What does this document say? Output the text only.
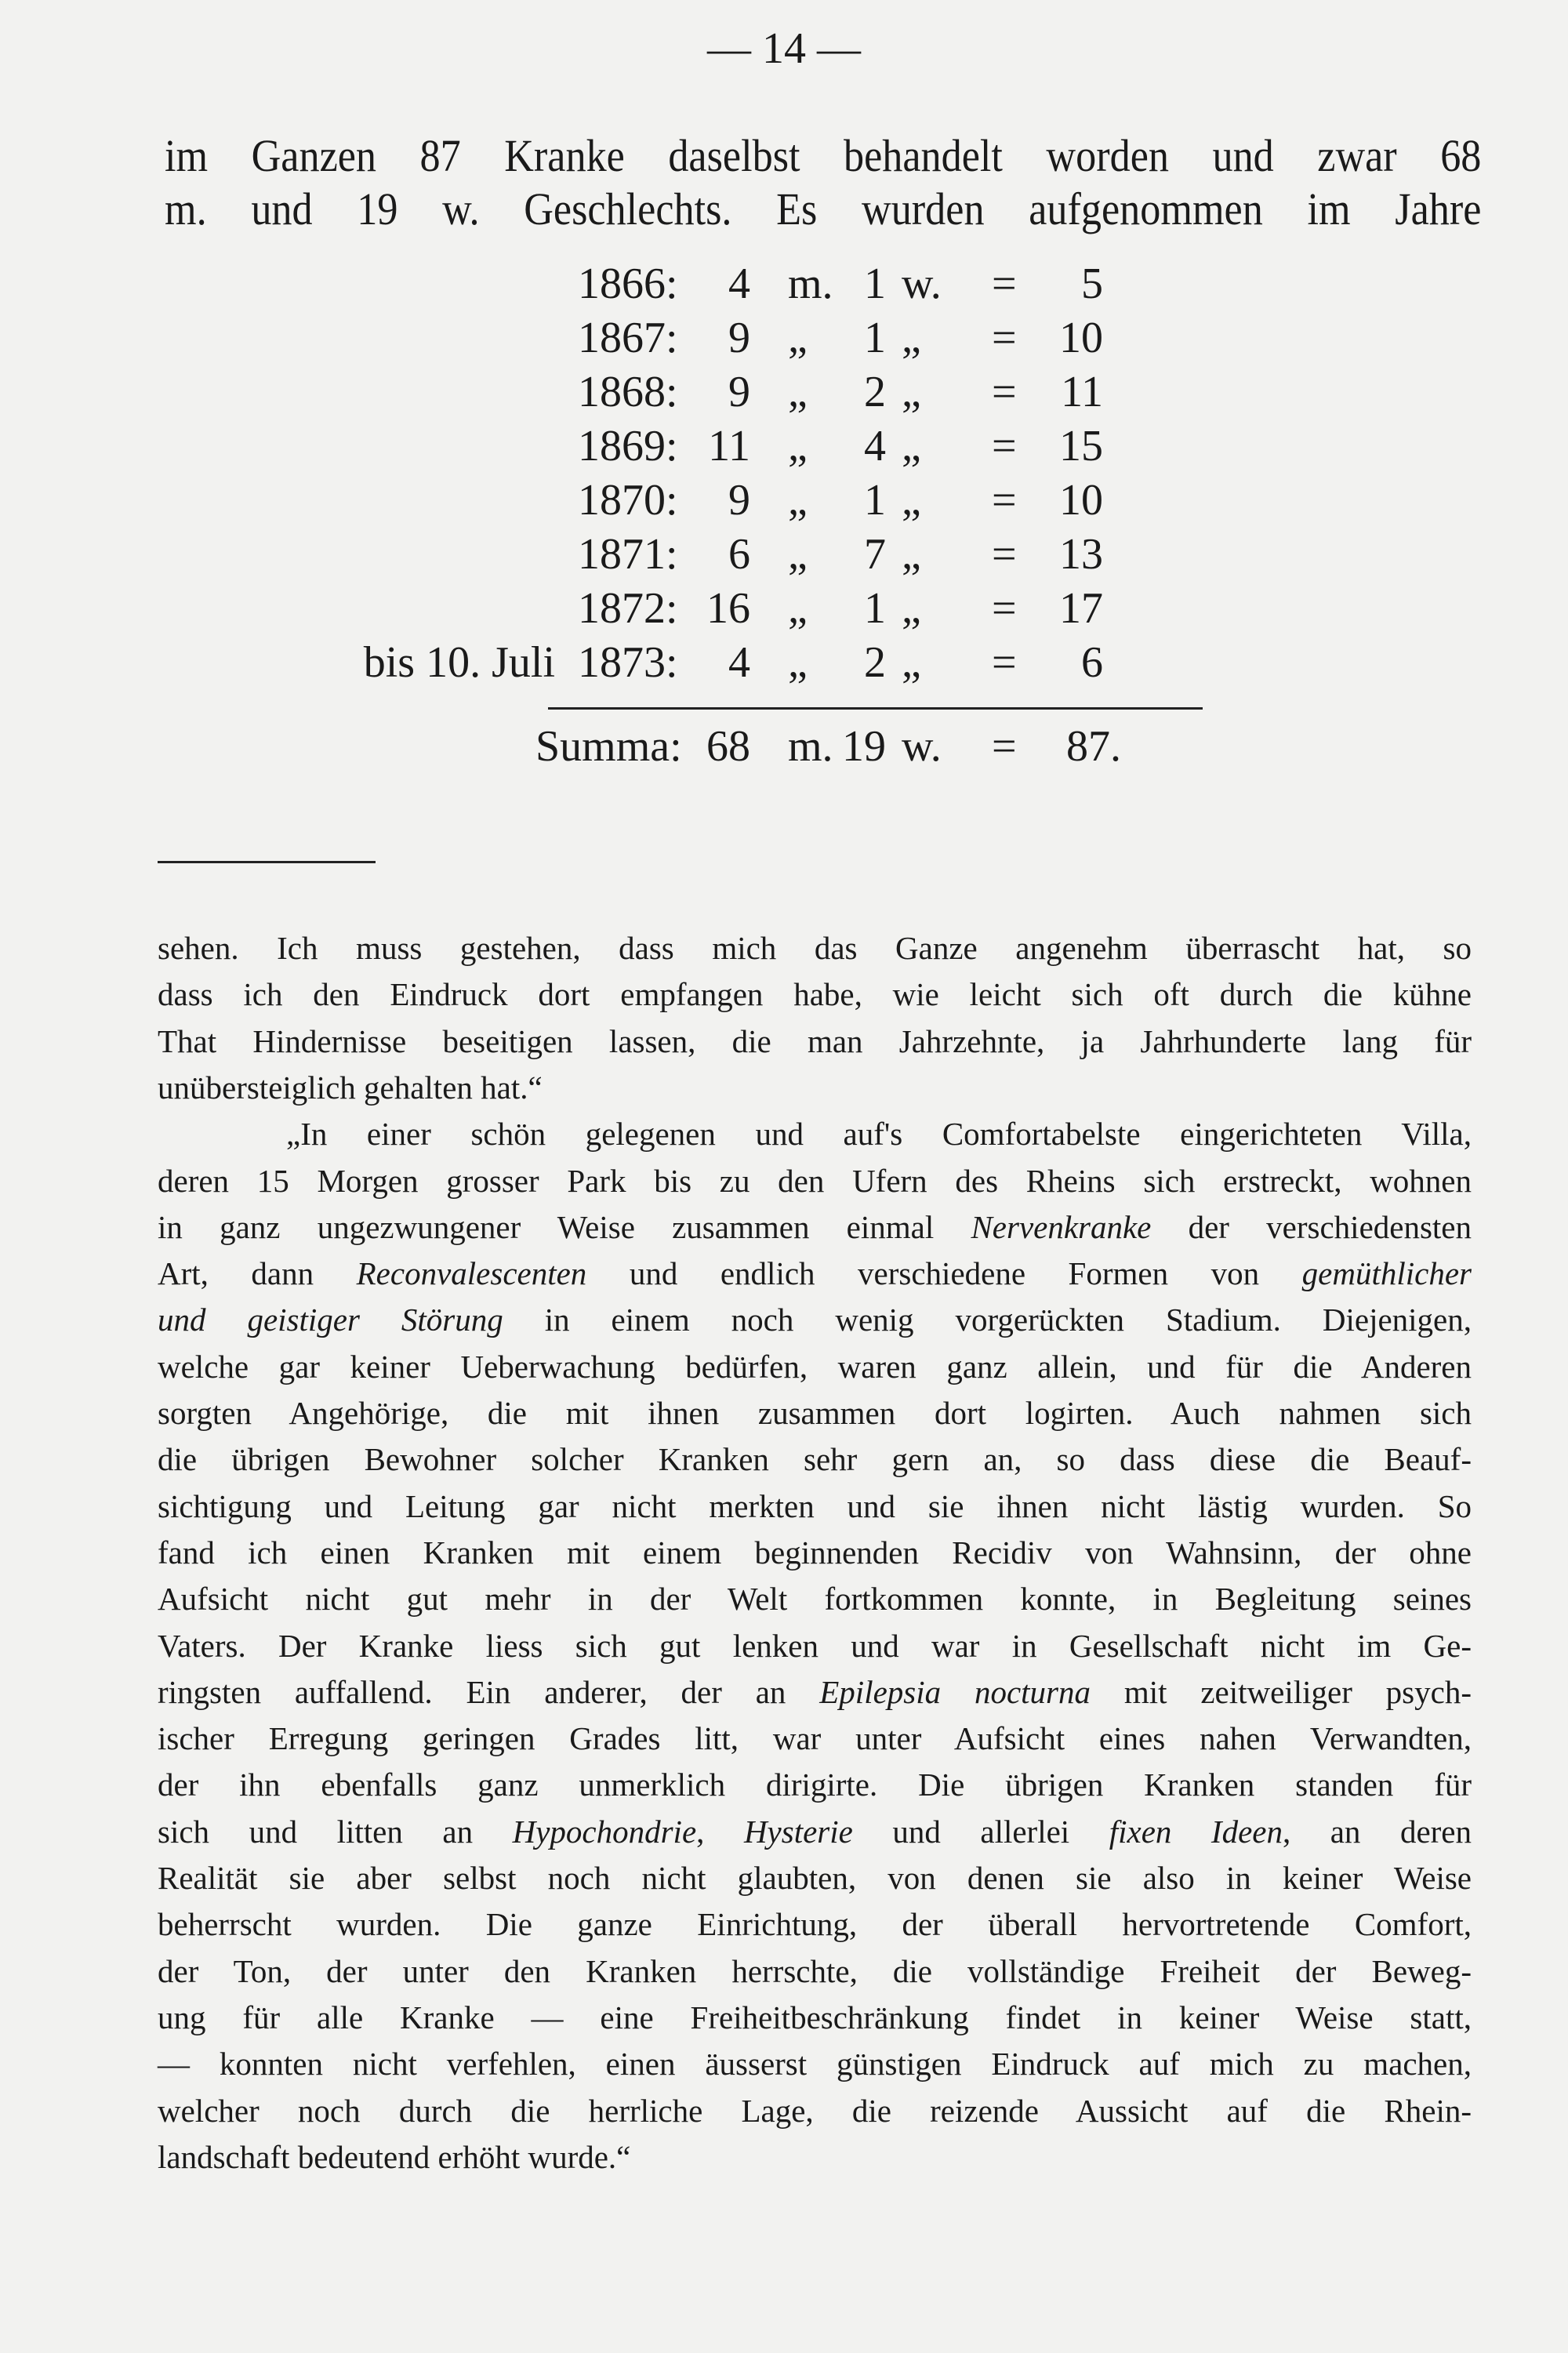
— 14 —
im Ganzen 87 Kranke daselbst behandelt worden und zwar 68
m. und 19 w. Geschlechts. Es wurden aufgenommen im Jahre
1866: 4 m. 1 w. = 5
1867: 9 „ 1 „ = 10
1868: 9 „ 2 „ = 11
1869: 11 „ 4 „ = 15
1870: 9 „ 1 „ = 10
1871: 6 „ 7 „ = 13
1872: 16 „ 1 „ = 17
bis 10. Juli 1873: 4 „ 2 „ = 6
Summa: 68 m. 19 w. = 87.
sehen. Ich muss gestehen, dass mich das Ganze angenehm überrascht hat, so
dass ich den Eindruck dort empfangen habe, wie leicht sich oft durch die kühne
That Hindernisse beseitigen lassen, die man Jahrzehnte, ja Jahrhunderte lang für
unübersteiglich gehalten hat.“
„In einer schön gelegenen und auf's Comfortabelste eingerichteten Villa,
deren 15 Morgen grosser Park bis zu den Ufern des Rheins sich erstreckt, wohnen
in ganz ungezwungener Weise zusammen einmal Nervenkranke der verschiedensten
Art, dann Reconvalescenten und endlich verschiedene Formen von gemüthlicher
und geistiger Störung in einem noch wenig vorgerückten Stadium. Diejenigen,
welche gar keiner Ueberwachung bedürfen, waren ganz allein, und für die Anderen
sorgten Angehörige, die mit ihnen zusammen dort logirten. Auch nahmen sich
die übrigen Bewohner solcher Kranken sehr gern an, so dass diese die Beauf-
sichtigung und Leitung gar nicht merkten und sie ihnen nicht lästig wurden. So
fand ich einen Kranken mit einem beginnenden Recidiv von Wahnsinn, der ohne
Aufsicht nicht gut mehr in der Welt fortkommen konnte, in Begleitung seines
Vaters. Der Kranke liess sich gut lenken und war in Gesellschaft nicht im Ge-
ringsten auffallend. Ein anderer, der an Epilepsia nocturna mit zeitweiliger psych-
ischer Erregung geringen Grades litt, war unter Aufsicht eines nahen Verwandten,
der ihn ebenfalls ganz unmerklich dirigirte. Die übrigen Kranken standen für
sich und litten an Hypochondrie, Hysterie und allerlei fixen Ideen, an deren
Realität sie aber selbst noch nicht glaubten, von denen sie also in keiner Weise
beherrscht wurden. Die ganze Einrichtung, der überall hervortretende Comfort,
der Ton, der unter den Kranken herrschte, die vollständige Freiheit der Beweg-
ung für alle Kranke — eine Freiheitbeschränkung findet in keiner Weise statt,
— konnten nicht verfehlen, einen äusserst günstigen Eindruck auf mich zu machen,
welcher noch durch die herrliche Lage, die reizende Aussicht auf die Rhein-
landschaft bedeutend erhöht wurde.“
